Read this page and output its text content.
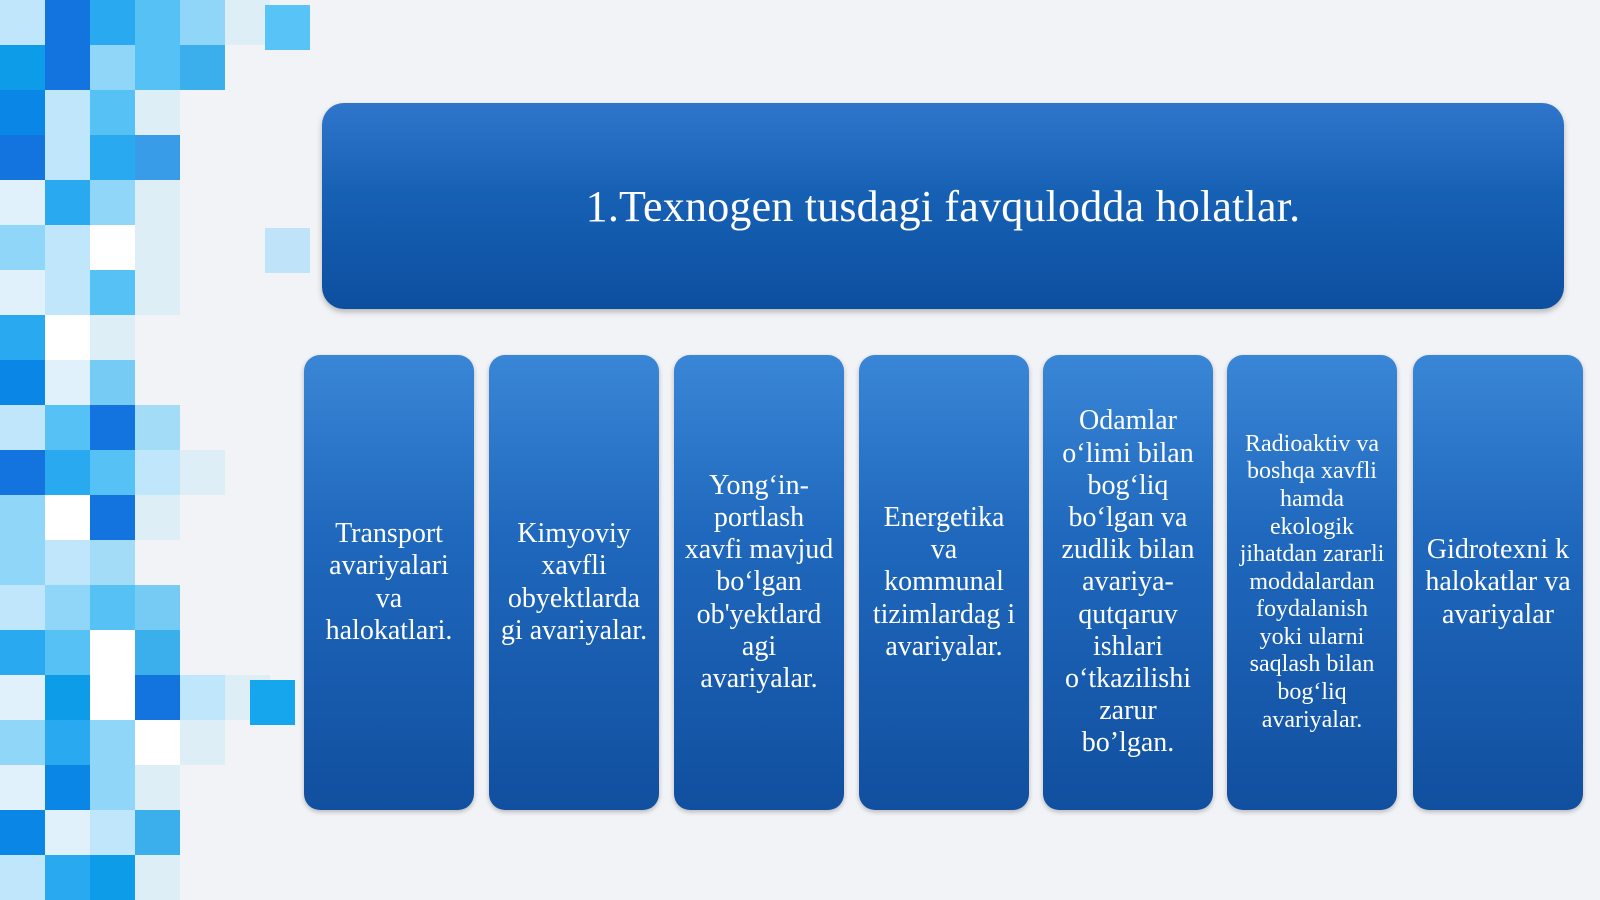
1.Texnogen tusdagi favqulodda holatlar.
Transport avariyalari va halokatlari.
Kimyoviy xavfli obyektlarda gi avariyalar.
Yong‘in-portlash xavfi mavjud bo‘lgan ob'yektlard agi avariyalar.
Energetika va kommunal tizimlardag i avariyalar.
Odamlar o‘limi bilan bog‘liq bo‘lgan va zudlik bilan avariya-qutqaruv ishlari o‘tkazilishi zarur bo’lgan.
Radioaktiv va boshqa xavfli hamda ekologik jihatdan zararli moddalardan foydalanish yoki ularni saqlash bilan bog‘liq avariyalar.
Gidrotexni k halokatlar va avariyalar
